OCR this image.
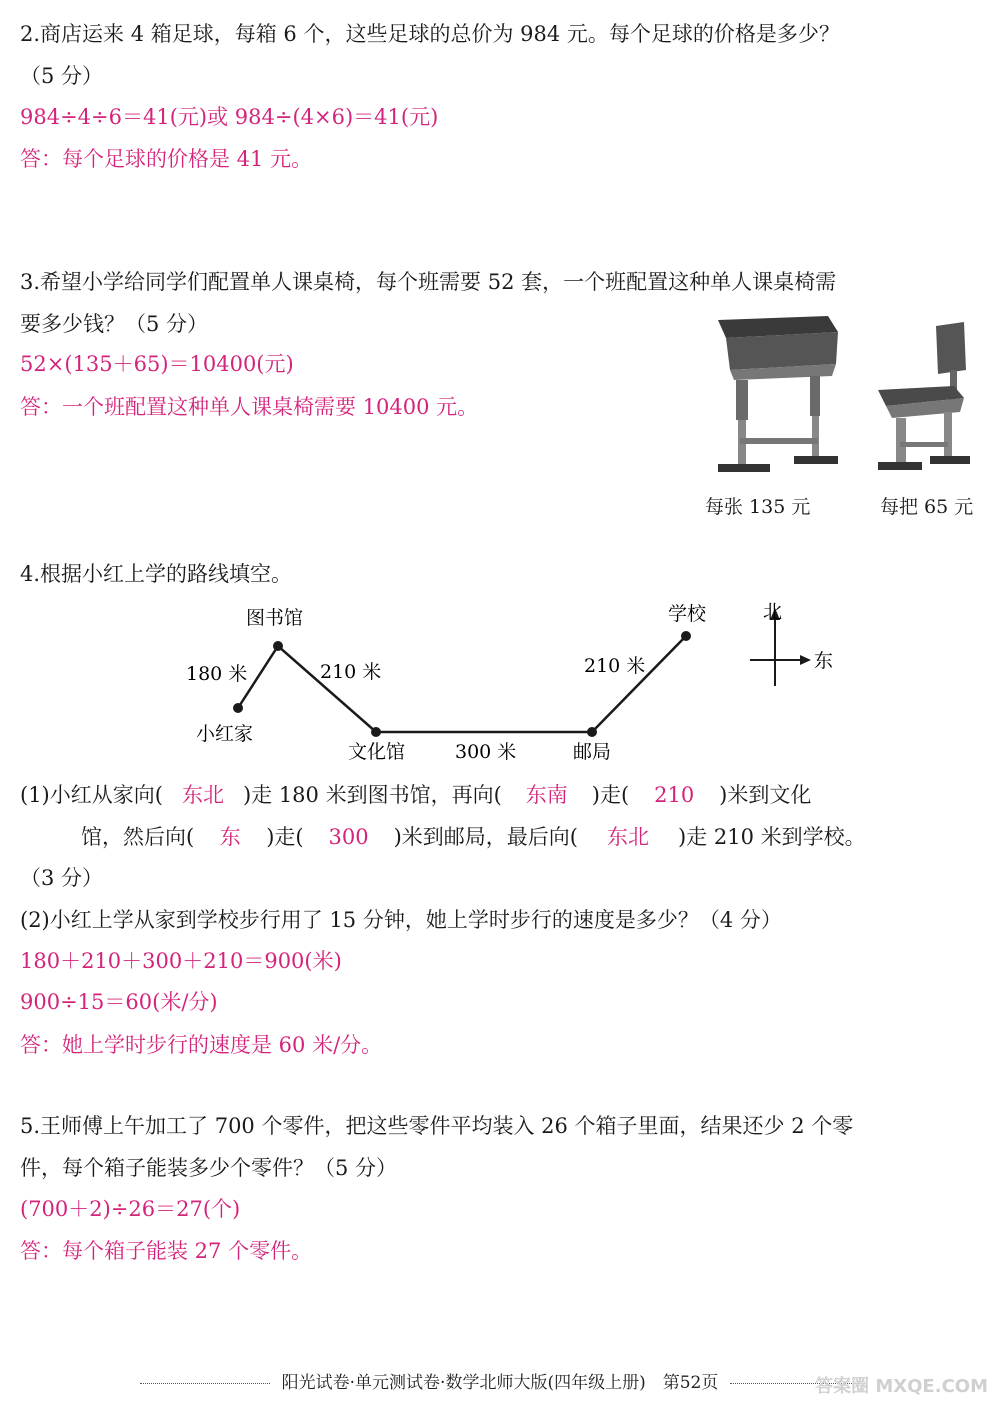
2.商店运来 4 箱足球，每箱 6 个，这些足球的总价为 984 元。每个足球的价格是多少？
（5 分）
984÷4÷6＝41(元)或 984÷(4×6)＝41(元)
答：每个足球的价格是 41 元。
3.希望小学给同学们配置单人课桌椅，每个班需要 52 套，一个班配置这种单人课桌椅需
要多少钱？（5 分）
52×(135＋65)＝10400(元)
答：一个班配置这种单人课桌椅需要 10400 元。
每张 135 元	每把 65 元
4.根据小红上学的路线填空。
小红家
图书馆
文化馆	邮局
学校
180 米	210 米
300 米
210 米
北
东
(1)小红从家向( 东北 )走 180 米到图书馆，再向( 东南 )走( 210 )米到文化
馆，然后向( 东 )走( 300 )米到邮局，最后向( 东北 )走 210 米到学校。
（3 分）
(2)小红上学从家到学校步行用了 15 分钟，她上学时步行的速度是多少？（4 分）
180＋210＋300＋210＝900(米)
900÷15＝60(米/分)
答：她上学时步行的速度是 60 米/分。
5.王师傅上午加工了 700 个零件，把这些零件平均装入 26 个箱子里面，结果还少 2 个零
件，每个箱子能装多少个零件？（5 分）
(700＋2)÷26＝27(个)
答：每个箱子能装 27 个零件。
阳光试卷·单元测试卷·数学北师大版(四年级上册)　第52页	答案圈 MXQE.COM
